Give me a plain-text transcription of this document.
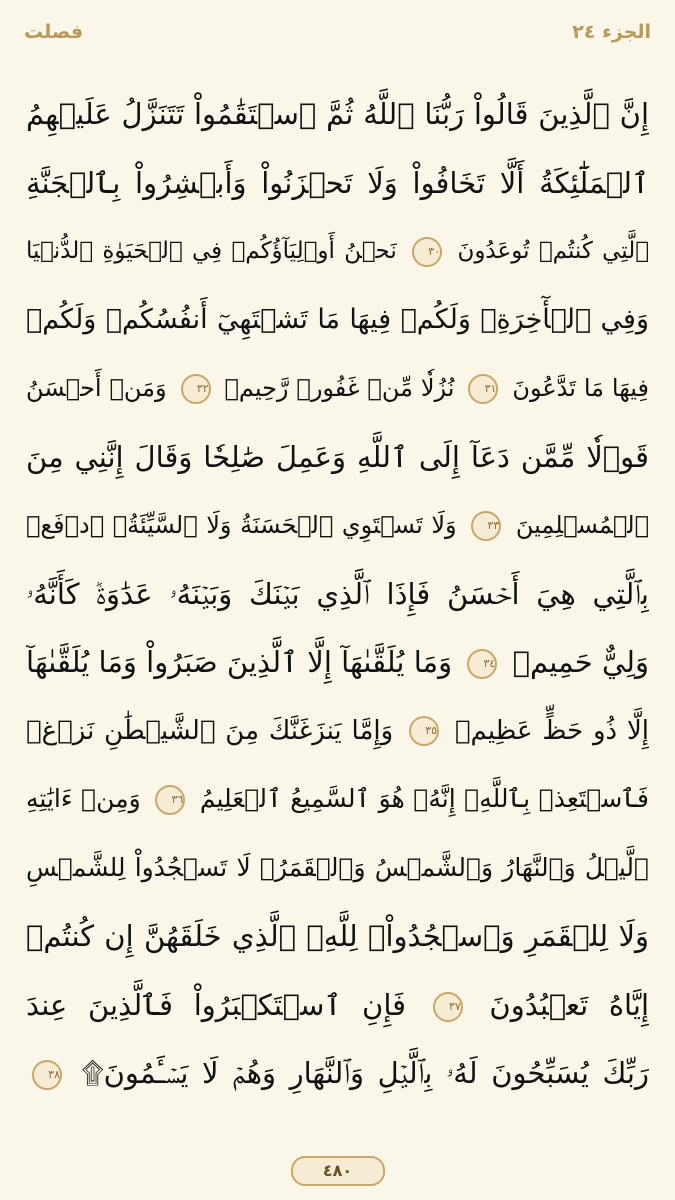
فصلت	الجزء ٢٤
إِنَّ ٱلَّذِينَ قَالُواْ رَبُّنَا ٱللَّهُ ثُمَّ ٱسۡتَقَٰمُواْ تَتَنَزَّلُ عَلَيۡهِمُ
ٱلۡمَلَٰٓئِكَةُ أَلَّا تَخَافُواْ وَلَا تَحۡزَنُواْ وَأَبۡشِرُواْ بِٱلۡجَنَّةِ
ٱلَّتِي كُنتُمۡ تُوعَدُونَ ٣٠ نَحۡنُ أَوۡلِيَآؤُكُمۡ فِي ٱلۡحَيَوٰةِ ٱلدُّنۡيَا
وَفِي ٱلۡأٓخِرَةِۖ وَلَكُمۡ فِيهَا مَا تَشۡتَهِيٓ أَنفُسُكُمۡ وَلَكُمۡ
فِيهَا مَا تَدَّعُونَ ٣١ نُزُلٗا مِّنۡ غَفُورٖ رَّحِيمٖ ٣٢ وَمَنۡ أَحۡسَنُ
قَوۡلٗا مِّمَّن دَعَآ إِلَى ٱللَّهِ وَعَمِلَ صَٰلِحٗا وَقَالَ إِنَّنِي مِنَ
ٱلۡمُسۡلِمِينَ ٣٣ وَلَا تَسۡتَوِي ٱلۡحَسَنَةُ وَلَا ٱلسَّيِّئَةُۚ ٱدۡفَعۡ
بِٱلَّتِي هِيَ أَحۡسَنُ فَإِذَا ٱلَّذِي بَيۡنَكَ وَبَيۡنَهُۥ عَدَٰوَةٞ كَأَنَّهُۥ
وَلِيٌّ حَمِيمٞ ٣٤ وَمَا يُلَقَّىٰهَآ إِلَّا ٱلَّذِينَ صَبَرُواْ وَمَا يُلَقَّىٰهَآ
إِلَّا ذُو حَظٍّ عَظِيمٖ ٣٥ وَإِمَّا يَنزَغَنَّكَ مِنَ ٱلشَّيۡطَٰنِ نَزۡغٞ
فَٱسۡتَعِذۡ بِٱللَّهِۖ إِنَّهُۥ هُوَ ٱلسَّمِيعُ ٱلۡعَلِيمُ ٣٦ وَمِنۡ ءَايَٰتِهِ
ٱلَّيۡلُ وَٱلنَّهَارُ وَٱلشَّمۡسُ وَٱلۡقَمَرُۚ لَا تَسۡجُدُواْ لِلشَّمۡسِ
وَلَا لِلۡقَمَرِ وَٱسۡجُدُواْۤ لِلَّهِۤ ٱلَّذِي خَلَقَهُنَّ إِن كُنتُمۡ
إِيَّاهُ تَعۡبُدُونَ ٣٧ فَإِنِ ٱسۡتَكۡبَرُواْ فَٱلَّذِينَ عِندَ
رَبِّكَ يُسَبِّحُونَ لَهُۥ بِٱلَّيۡلِ وَٱلنَّهَارِ وَهُمۡ لَا يَسۡـَٔمُونَ۩ ٣٨
٤٨٠
